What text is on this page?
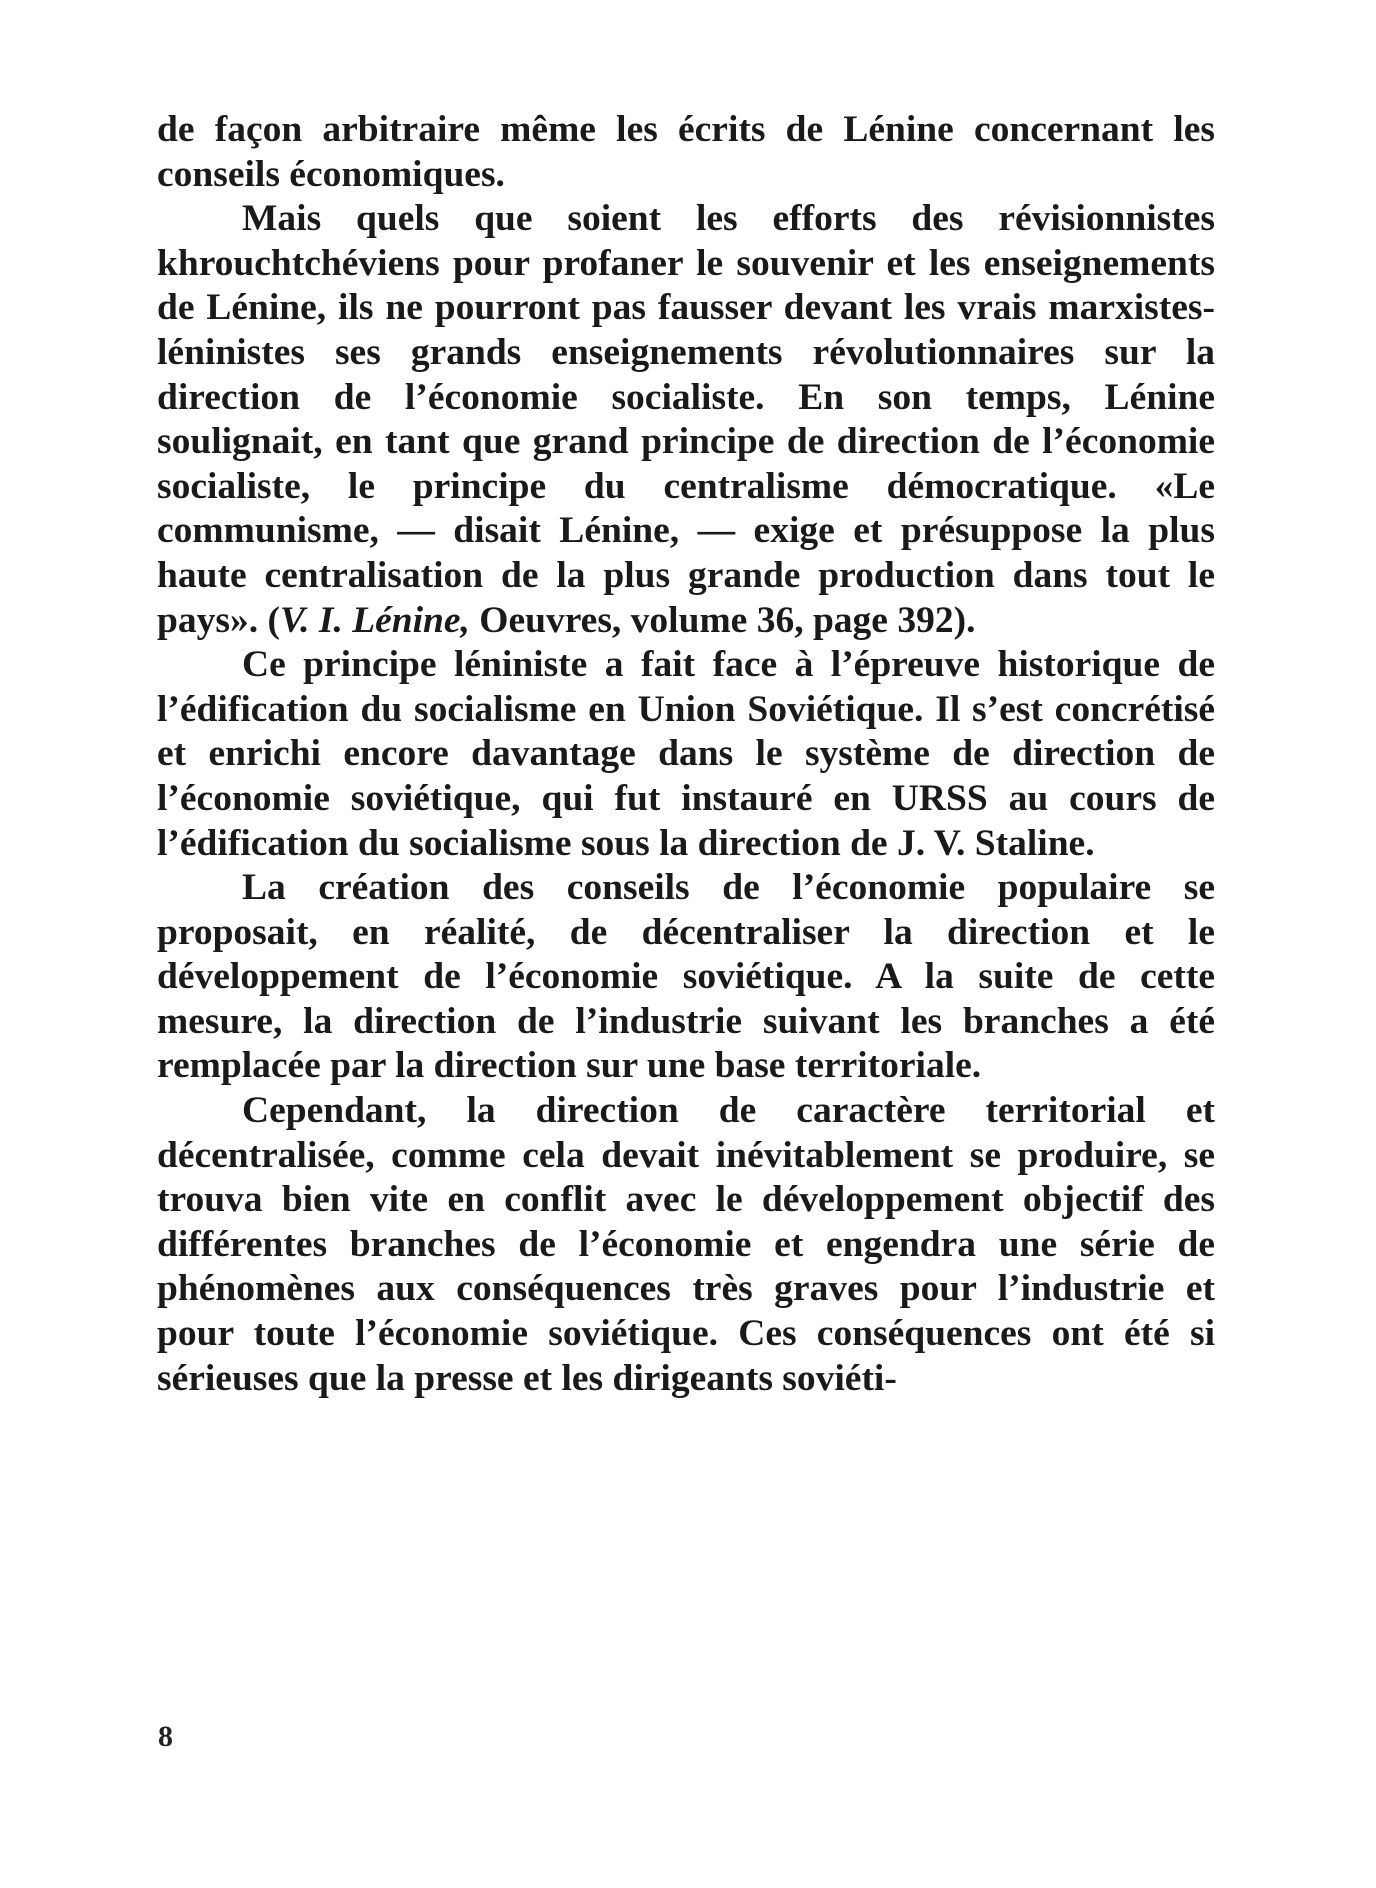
de façon arbitraire même les écrits de Lénine concernant les conseils économiques.

Mais quels que soient les efforts des révisionnistes khrouchtchéviens pour profaner le souvenir et les enseignements de Lénine, ils ne pourront pas fausser devant les vrais marxistes-léninistes ses grands enseignements révolutionnaires sur la direction de l’économie socialiste. En son temps, Lénine soulignait, en tant que grand principe de direction de l’économie socialiste, le principe du centralisme démocratique. «Le communisme, — disait Lénine, — exige et présuppose la plus haute centralisation de la plus grande production dans tout le pays». (V. I. Lénine, Oeuvres, volume 36, page 392).

Ce principe léniniste a fait face à l’épreuve historique de l’édification du socialisme en Union Soviétique. Il s’est concrétisé et enrichi encore davantage dans le système de direction de l’économie soviétique, qui fut instauré en URSS au cours de l’édification du socialisme sous la direction de J. V. Staline.

La création des conseils de l’économie populaire se proposait, en réalité, de décentraliser la direction et le développement de l’économie soviétique. A la suite de cette mesure, la direction de l’industrie suivant les branches a été remplacée par la direction sur une base territoriale.

Cependant, la direction de caractère territorial et décentralisée, comme cela devait inévitablement se produire, se trouva bien vite en conflit avec le développement objectif des différentes branches de l’économie et engendra une série de phénomènes aux conséquences très graves pour l’industrie et pour toute l’économie soviétique. Ces conséquences ont été si sérieuses que la presse et les dirigeants soviéti-

8
